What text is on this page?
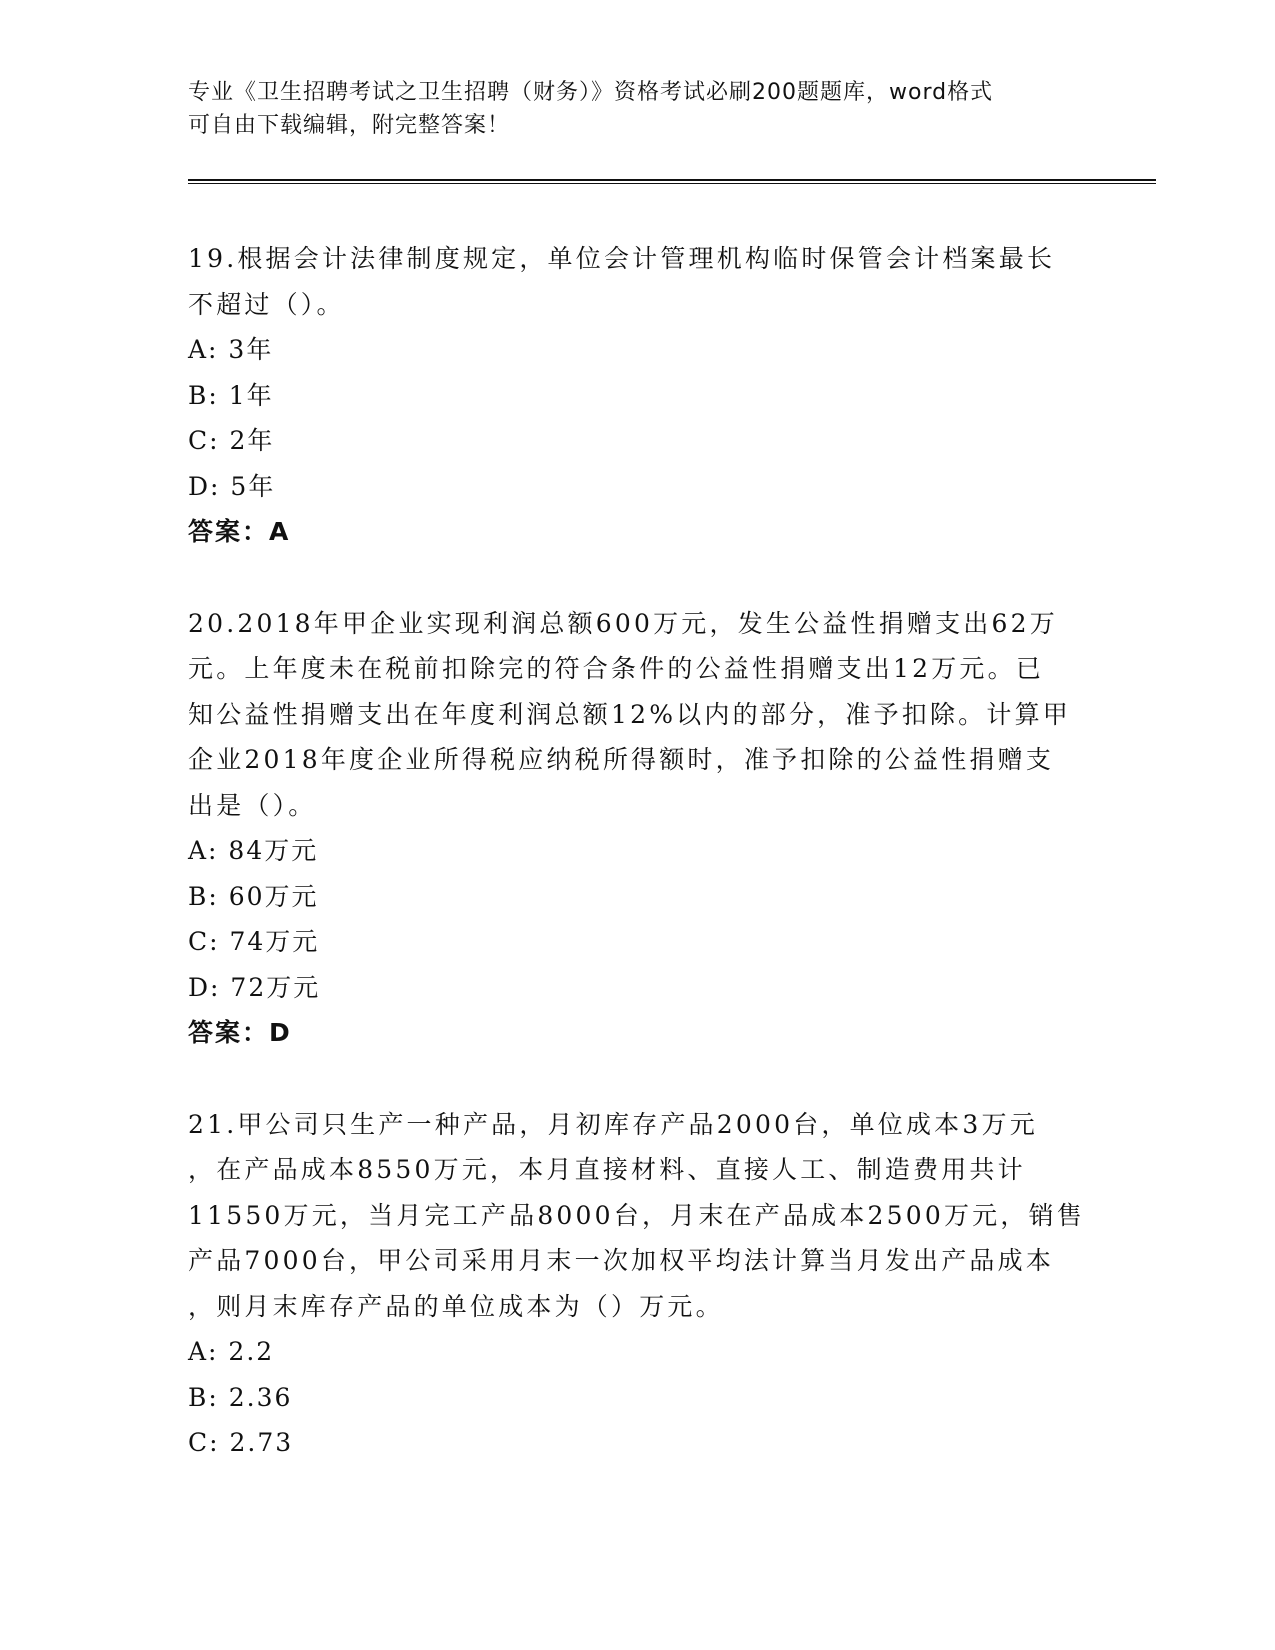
专业《卫生招聘考试之卫生招聘（财务）》资格考试必刷200题题库，word格式
可自由下载编辑，附完整答案！

19.根据会计法律制度规定，单位会计管理机构临时保管会计档案最长

不超过（）。

A: 3年

B: 1年

C: 2年

D: 5年

答案：A

20.2018年甲企业实现利润总额600万元，发生公益性捐赠支出62万

元。上年度未在税前扣除完的符合条件的公益性捐赠支出12万元。已

知公益性捐赠支出在年度利润总额12%以内的部分，准予扣除。计算甲

企业2018年度企业所得税应纳税所得额时，准予扣除的公益性捐赠支

出是（）。

A: 84万元

B: 60万元

C: 74万元

D: 72万元

答案：D

21.甲公司只生产一种产品，月初库存产品2000台，单位成本3万元

，在产品成本8550万元，本月直接材料、直接人工、制造费用共计

11550万元，当月完工产品8000台，月末在产品成本2500万元，销售

产品7000台，甲公司采用月末一次加权平均法计算当月发出产品成本

，则月末库存产品的单位成本为（）万元。

A: 2.2

B: 2.36

C: 2.73
